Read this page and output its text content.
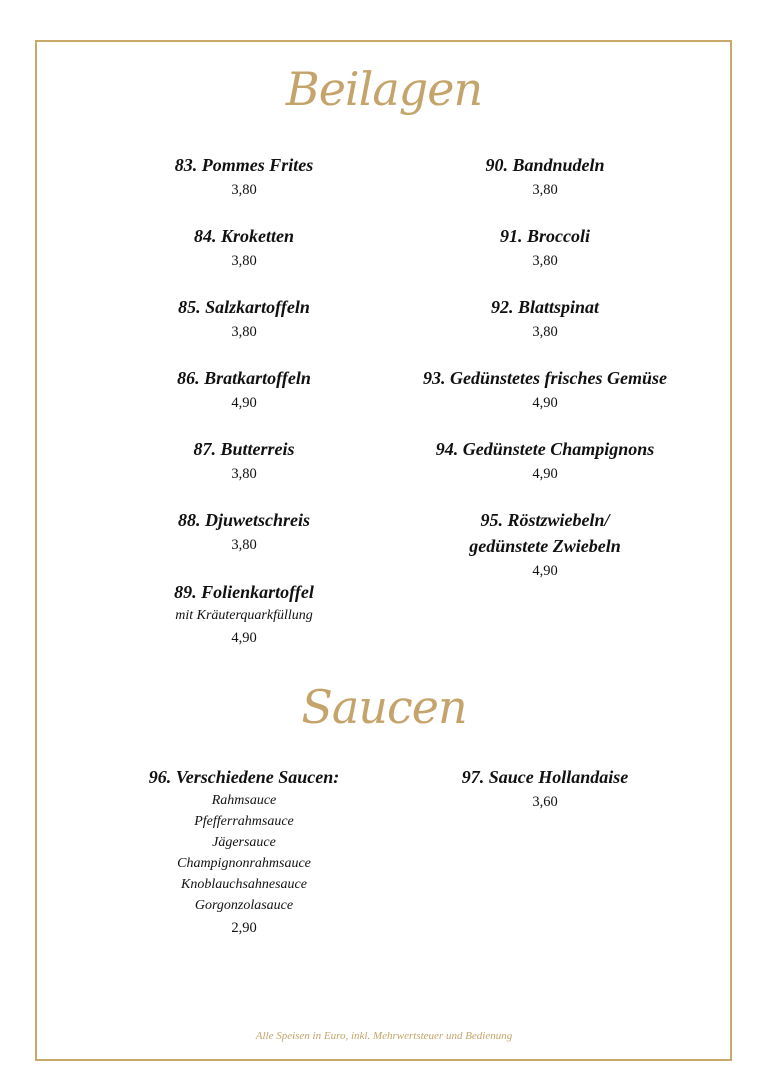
Beilagen
83. Pommes Frites
3,80
84. Kroketten
3,80
85. Salzkartoffeln
3,80
86. Bratkartoffeln
4,90
87. Butterreis
3,80
88. Djuwetschreis
3,80
89. Folienkartoffel
mit Kräuterquarkfüllung
4,90
90. Bandnudeln
3,80
91. Broccoli
3,80
92. Blattspinat
3,80
93. Gedünstetes frisches Gemüse
4,90
94. Gedünstete Champignons
4,90
95. Röstzwiebeln/
gedünstete Zwiebeln
4,90
Saucen
96. Verschiedene Saucen:
Rahmsauce
Pfefferrahmsauce
Jägersauce
Champignonrahmsauce
Knoblauchsahnesauce
Gorgonzolasauce
2,90
97. Sauce Hollandaise
3,60
Alle Speisen in Euro, inkl. Mehrwertsteuer und Bedienung
